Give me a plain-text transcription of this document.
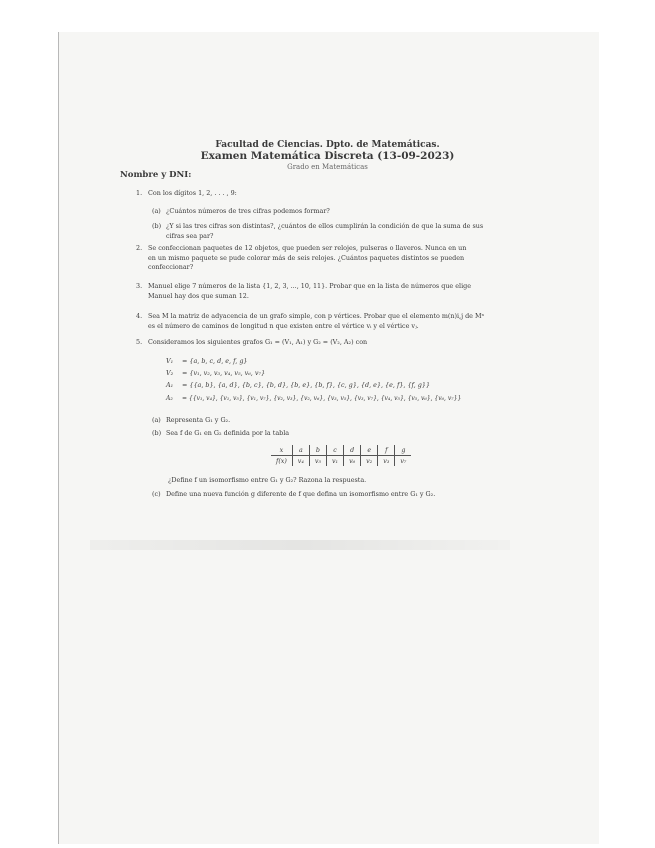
Facultad de Ciencias. Dpto. de Matemáticas.
Examen Matemática Discreta (13-09-2023)
Grado en Matemáticas
Nombre y DNI:
1. Con los dígitos 1, 2, . . . , 9:
(a) ¿Cuántos números de tres cifras podemos formar?
(b) ¿Y si las tres cifras son distintas?, ¿cuántos de ellos cumplirán la condición de que la suma de sus
cifras sea par?
2. Se confeccionan paquetes de 12 objetos, que pueden ser relojes, pulseras o llaveros. Nunca en un
en un mismo paquete se pude colorar más de seis relojes. ¿Cuántos paquetes distintos se pueden
confeccionar?
3. Manuel elige 7 números de la lista {1, 2, 3, ..., 10, 11}. Probar que en la lista de números que elige
Manuel hay dos que suman 12.
4. Sea M la matriz de adyacencia de un grafo simple, con p vértices. Probar que el elemento m(n)i,j de Mⁿ
es el número de caminos de longitud n que existen entre el vértice vᵢ y el vértice vⱼ.
5. Consideramos los siguientes grafos G₁ = (V₁, A₁) y G₂ = (V₂, A₂) con
V₁ = {a, b, c, d, e, f, g}
V₂ = {v₁, v₂, v₃, v₄, v₅, v₆, v₇}
A₁ = {{a, b}, {a, d}, {b, c}, {b, d}, {b, e}, {b, f}, {c, g}, {d, e}, {e, f}, {f, g}}
A₂ = {{v₁, v₄}, {v₁, v₅}, {v₁, v₇}, {v₂, v₃}, {v₂, v₆}, {v₃, v₅}, {v₃, v₇}, {v₄, v₅}, {v₅, v₆}, {v₆, v₇}}
(a) Representa G₁ y G₂.
(b) Sea f de G₁ en G₂ definida por la tabla
x	a	b	c	d	e	f	g
f(x)	v₄	v₅	v₁	v₆	v₂	v₃	v₇
¿Define f un isomorfismo entre G₁ y G₂? Razona la respuesta.
(c) Define una nueva función g diferente de f que defina un isomorfismo entre G₁ y G₂.
